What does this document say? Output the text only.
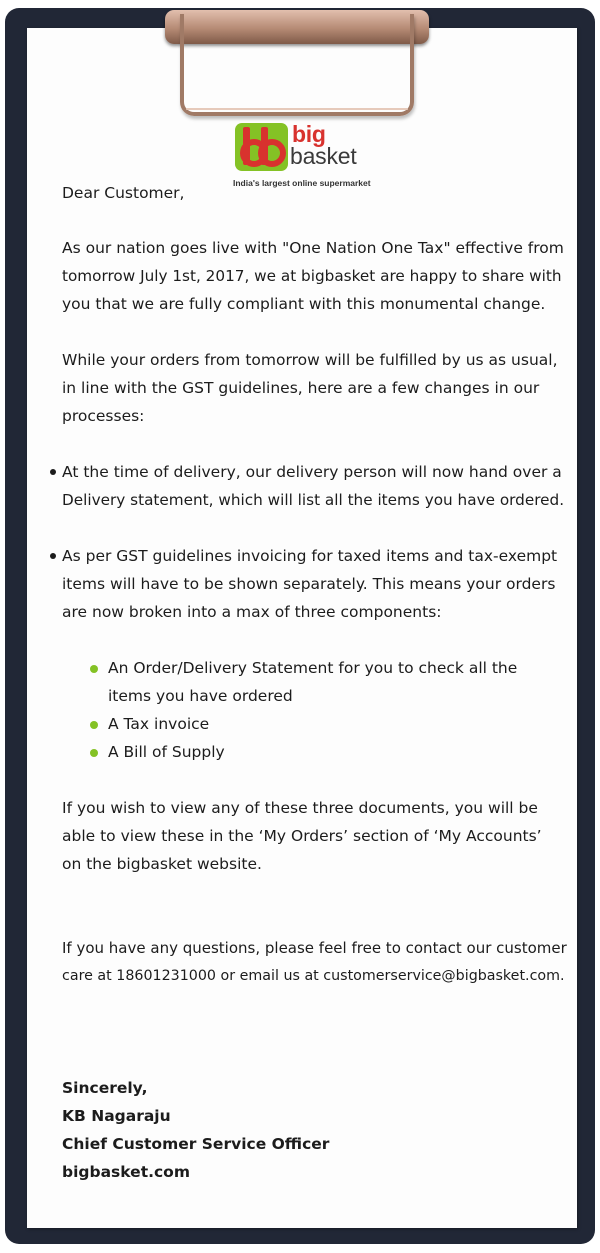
big
basket
India's largest online supermarket

Dear Customer,

As our nation goes live with "One Nation One Tax" effective from

tomorrow July 1st, 2017, we at bigbasket are happy to share with

you that we are fully compliant with this monumental change.

While your orders from tomorrow will be fulfilled by us as usual,

in line with the GST guidelines, here are a few changes in our

processes:

At the time of delivery, our delivery person will now hand over a

Delivery statement, which will list all the items you have ordered.

As per GST guidelines invoicing for taxed items and tax-exempt

items will have to be shown separately. This means your orders

are now broken into a max of three components:

An Order/Delivery Statement for you to check all the

items you have ordered

A Tax invoice

A Bill of Supply

If you wish to view any of these three documents, you will be

able to view these in the ‘My Orders’ section of ‘My Accounts’

on the bigbasket website.

If you have any questions, please feel free to contact our customer

care at 18601231000 or email us at customerservice@bigbasket.com.

Sincerely,

KB Nagaraju

Chief Customer Service Officer

bigbasket.com
